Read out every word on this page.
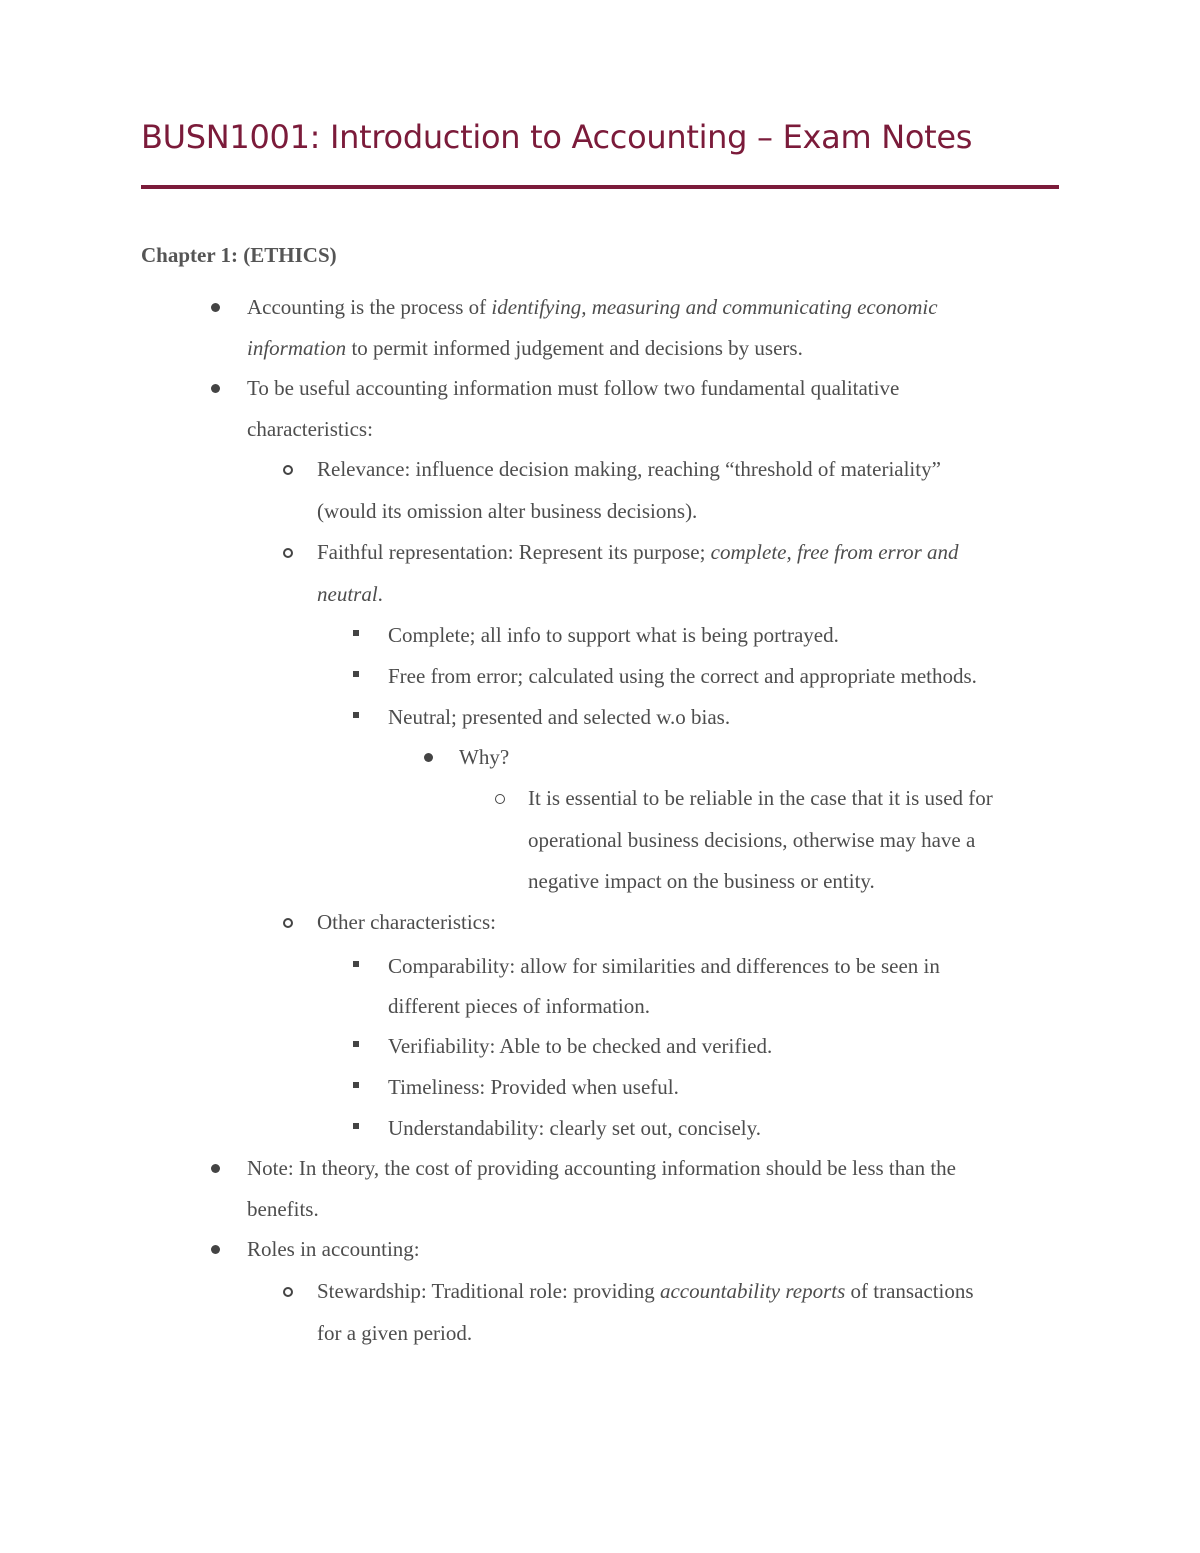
BUSN1001: Introduction to Accounting – Exam Notes
Chapter 1: (ETHICS)
Accounting is the process of identifying, measuring and communicating economic
information to permit informed judgement and decisions by users.
To be useful accounting information must follow two fundamental qualitative
characteristics:
Relevance: influence decision making, reaching “threshold of materiality”
(would its omission alter business decisions).
Faithful representation: Represent its purpose; complete, free from error and
neutral.
Complete; all info to support what is being portrayed.
Free from error; calculated using the correct and appropriate methods.
Neutral; presented and selected w.o bias.
Why?
It is essential to be reliable in the case that it is used for
operational business decisions, otherwise may have a
negative impact on the business or entity.
Other characteristics:
Comparability: allow for similarities and differences to be seen in
different pieces of information.
Verifiability: Able to be checked and verified.
Timeliness: Provided when useful.
Understandability: clearly set out, concisely.
Note: In theory, the cost of providing accounting information should be less than the
benefits.
Roles in accounting:
Stewardship: Traditional role: providing accountability reports of transactions
for a given period.
